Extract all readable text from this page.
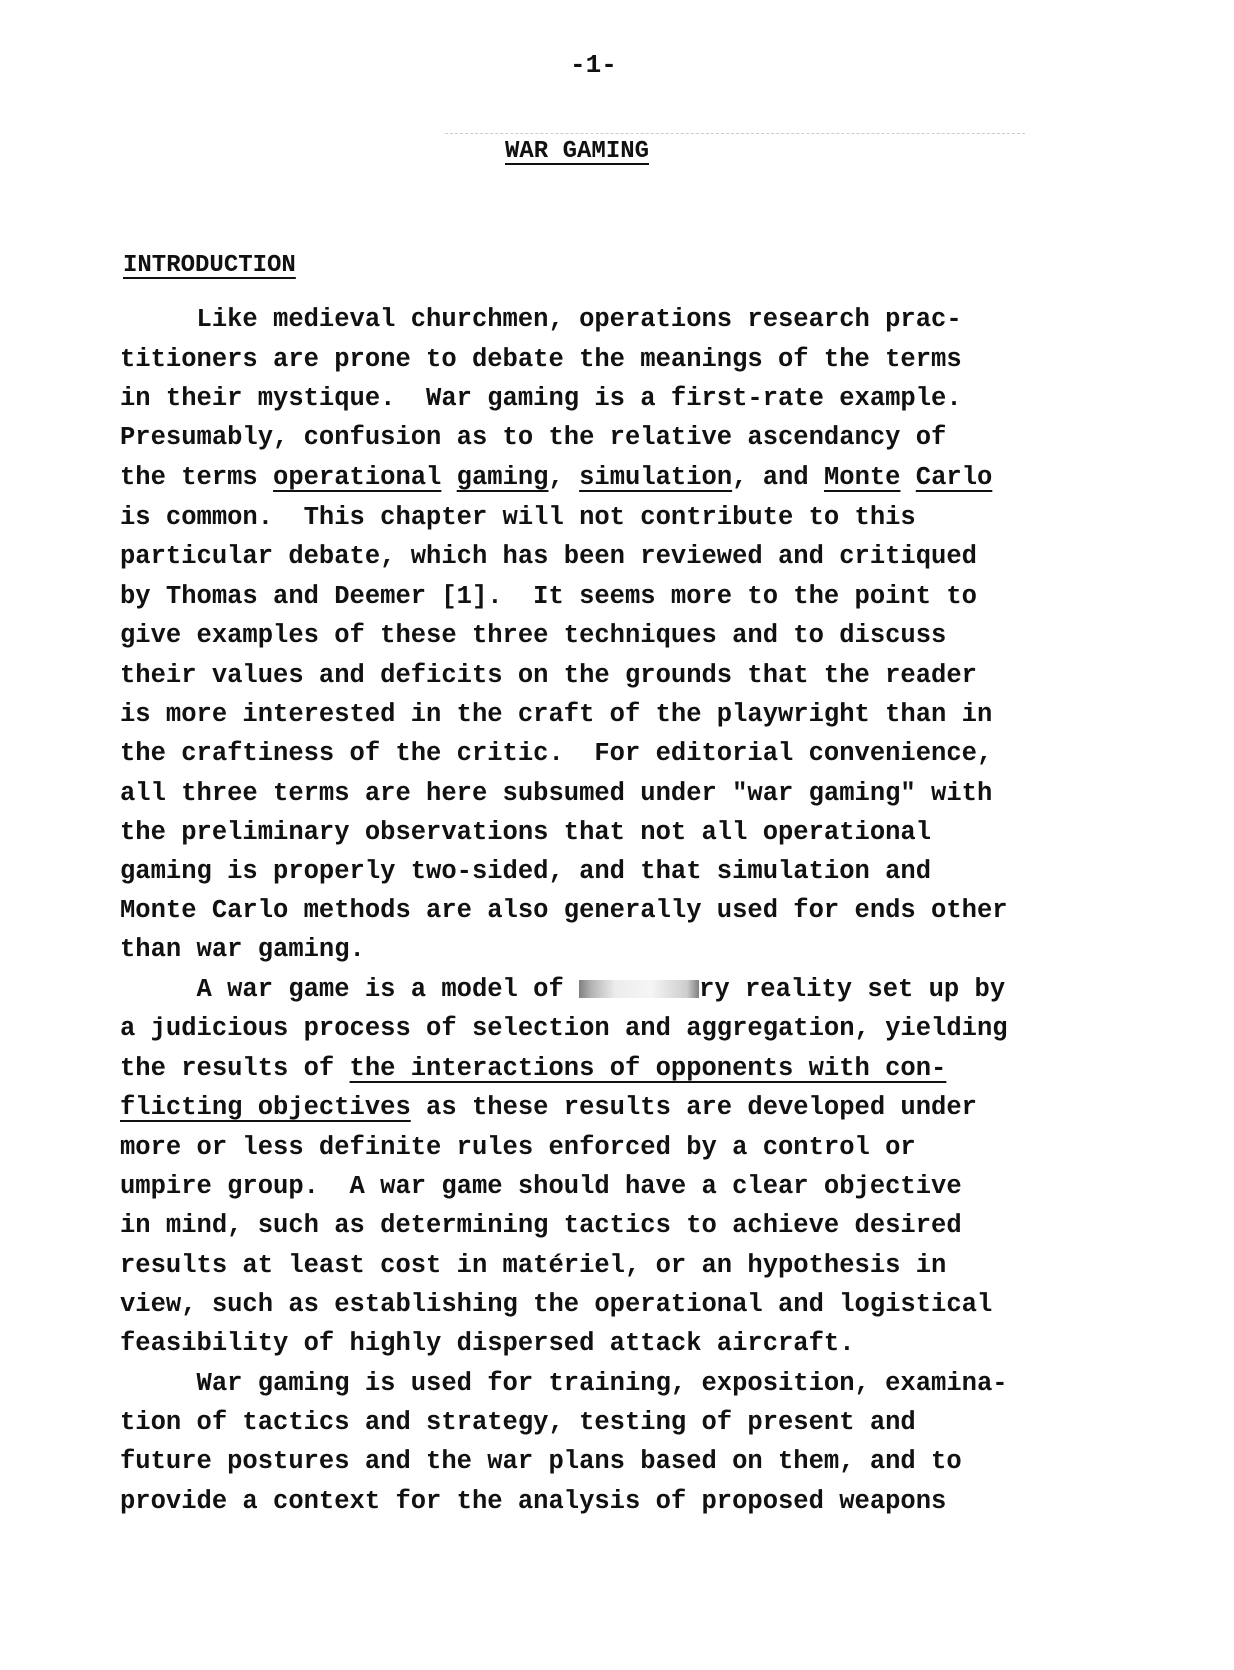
-1-
WAR GAMING
INTRODUCTION
Like medieval churchmen, operations research prac-
titioners are prone to debate the meanings of the terms
in their mystique.  War gaming is a first-rate example.
Presumably, confusion as to the relative ascendancy of
the terms operational gaming, simulation, and Monte Carlo
is common.  This chapter will not contribute to this
particular debate, which has been reviewed and critiqued
by Thomas and Deemer [1].  It seems more to the point to
give examples of these three techniques and to discuss
their values and deficits on the grounds that the reader
is more interested in the craft of the playwright than in
the craftiness of the critic.  For editorial convenience,
all three terms are here subsumed under "war gaming" with
the preliminary observations that not all operational
gaming is properly two-sided, and that simulation and
Monte Carlo methods are also generally used for ends other
than war gaming.
A war game is a model of	ry reality set up by
a judicious process of selection and aggregation, yielding
the results of the interactions of opponents with con-
flicting objectives as these results are developed under
more or less definite rules enforced by a control or
umpire group.  A war game should have a clear objective
in mind, such as determining tactics to achieve desired
results at least cost in matériel, or an hypothesis in
view, such as establishing the operational and logistical
feasibility of highly dispersed attack aircraft.
War gaming is used for training, exposition, examina-
tion of tactics and strategy, testing of present and
future postures and the war plans based on them, and to
provide a context for the analysis of proposed weapons
